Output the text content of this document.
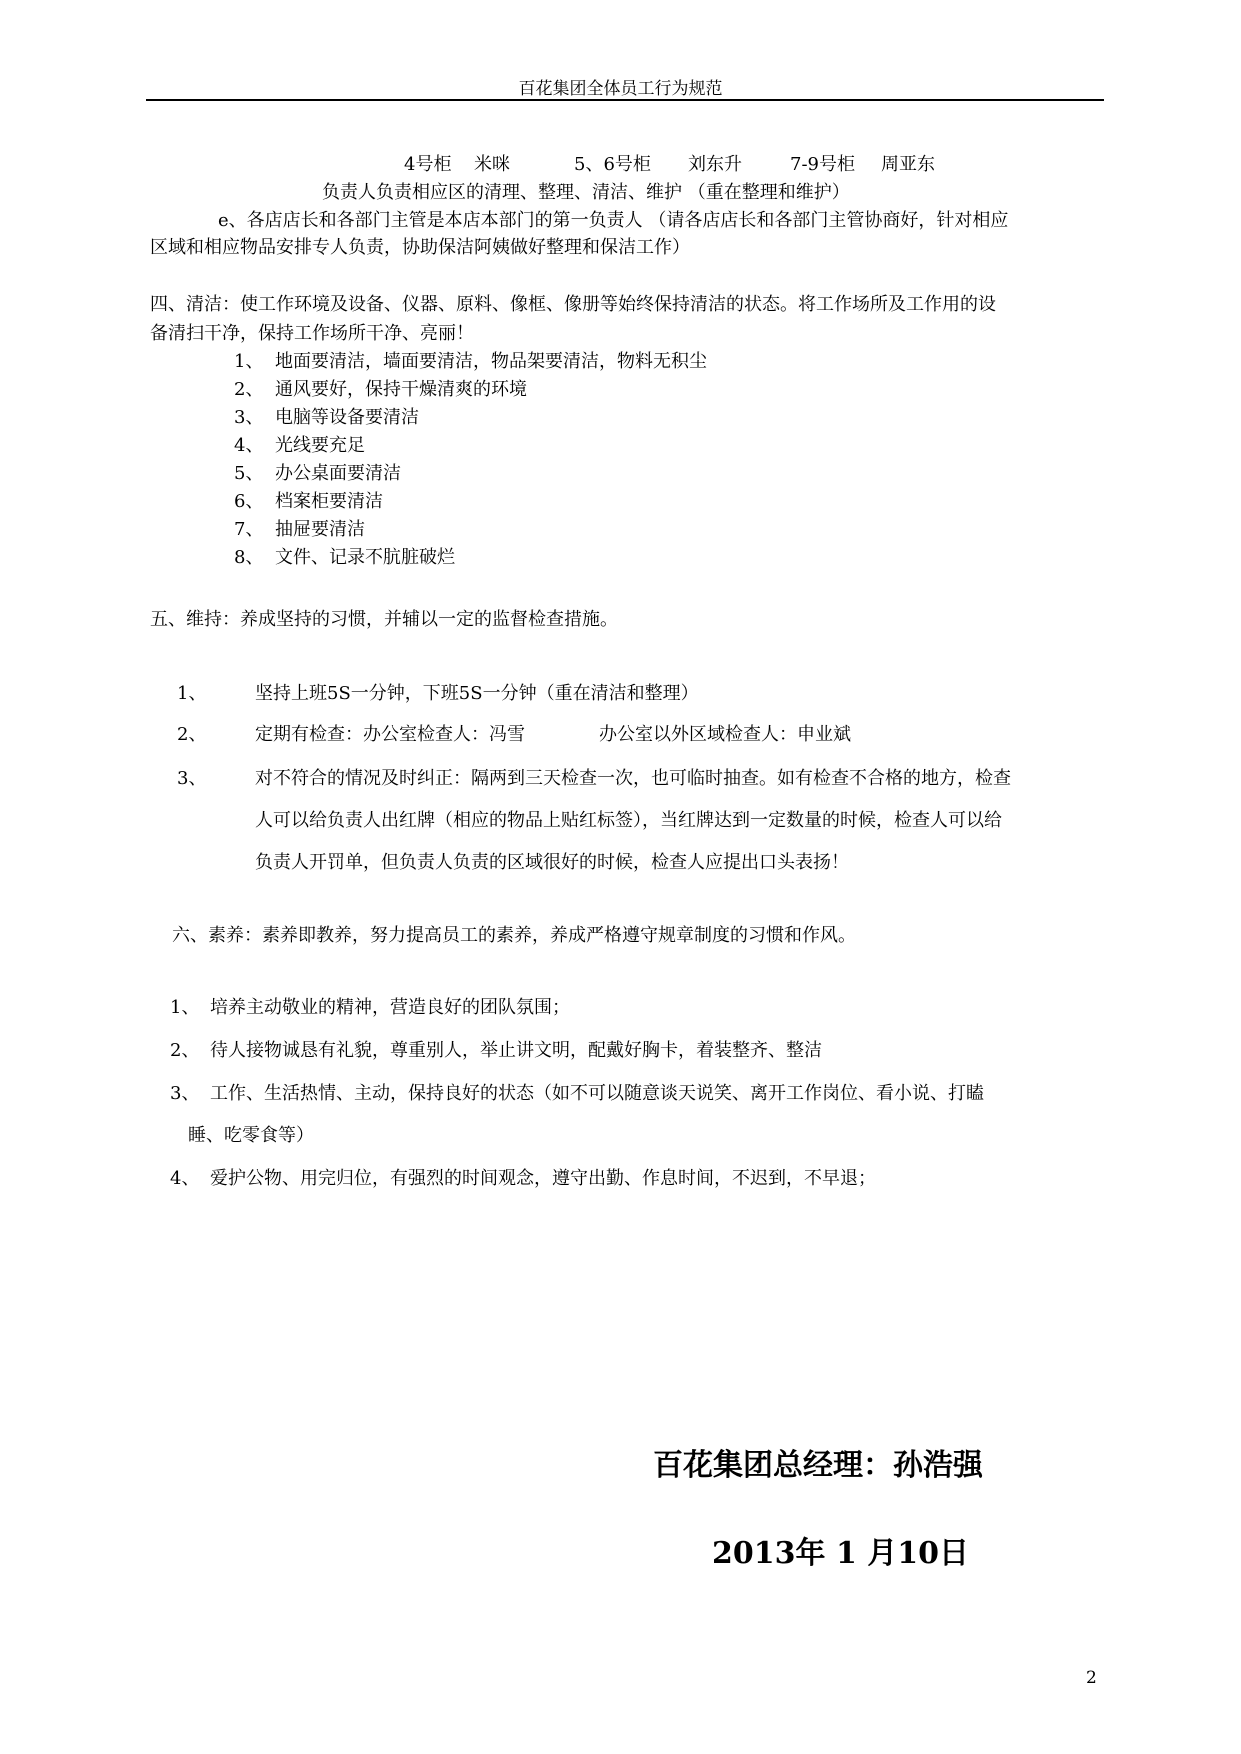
百花集团全体员工行为规范
4号柜 米咪	5、6号柜 刘东升	7-9号柜 周亚东
负责人负责相应区的清理、整理、清洁、维护 （重在整理和维护）
e、各店店长和各部门主管是本店本部门的第一负责人 （请各店店长和各部门主管协商好，针对相应
区域和相应物品安排专人负责，协助保洁阿姨做好整理和保洁工作）
四、清洁：使工作环境及设备、仪器、原料、像框、像册等始终保持清洁的状态。将工作场所及工作用的设
备清扫干净，保持工作场所干净、亮丽！
1、 地面要清洁，墙面要清洁，物品架要清洁，物料无积尘
2、 通风要好，保持干燥清爽的环境
3、 电脑等设备要清洁
4、 光线要充足
5、 办公桌面要清洁
6、 档案柜要清洁
7、 抽屉要清洁
8、 文件、记录不肮脏破烂
五、维持：养成坚持的习惯，并辅以一定的监督检查措施。
1、	坚持上班5S一分钟，下班5S一分钟（重在清洁和整理）
2、	定期有检查：办公室检查人：冯雪	办公室以外区域检查人：申业斌
3、	对不符合的情况及时纠正：隔两到三天检查一次，也可临时抽查。如有检查不合格的地方，检查
人可以给负责人出红牌（相应的物品上贴红标签），当红牌达到一定数量的时候，检查人可以给
负责人开罚单，但负责人负责的区域很好的时候，检查人应提出口头表扬！
六、素养：素养即教养，努力提高员工的素养，养成严格遵守规章制度的习惯和作风。
1、 培养主动敬业的精神，营造良好的团队氛围；
2、 待人接物诚恳有礼貌，尊重别人，举止讲文明，配戴好胸卡，着装整齐、整洁
3、 工作、生活热情、主动，保持良好的状态（如不可以随意谈天说笑、离开工作岗位、看小说、打瞌
睡、吃零食等）
4、 爱护公物、用完归位，有强烈的时间观念，遵守出勤、作息时间，不迟到，不早退；
百花集团总经理：孙浩强
2013年 1 月10日
2
